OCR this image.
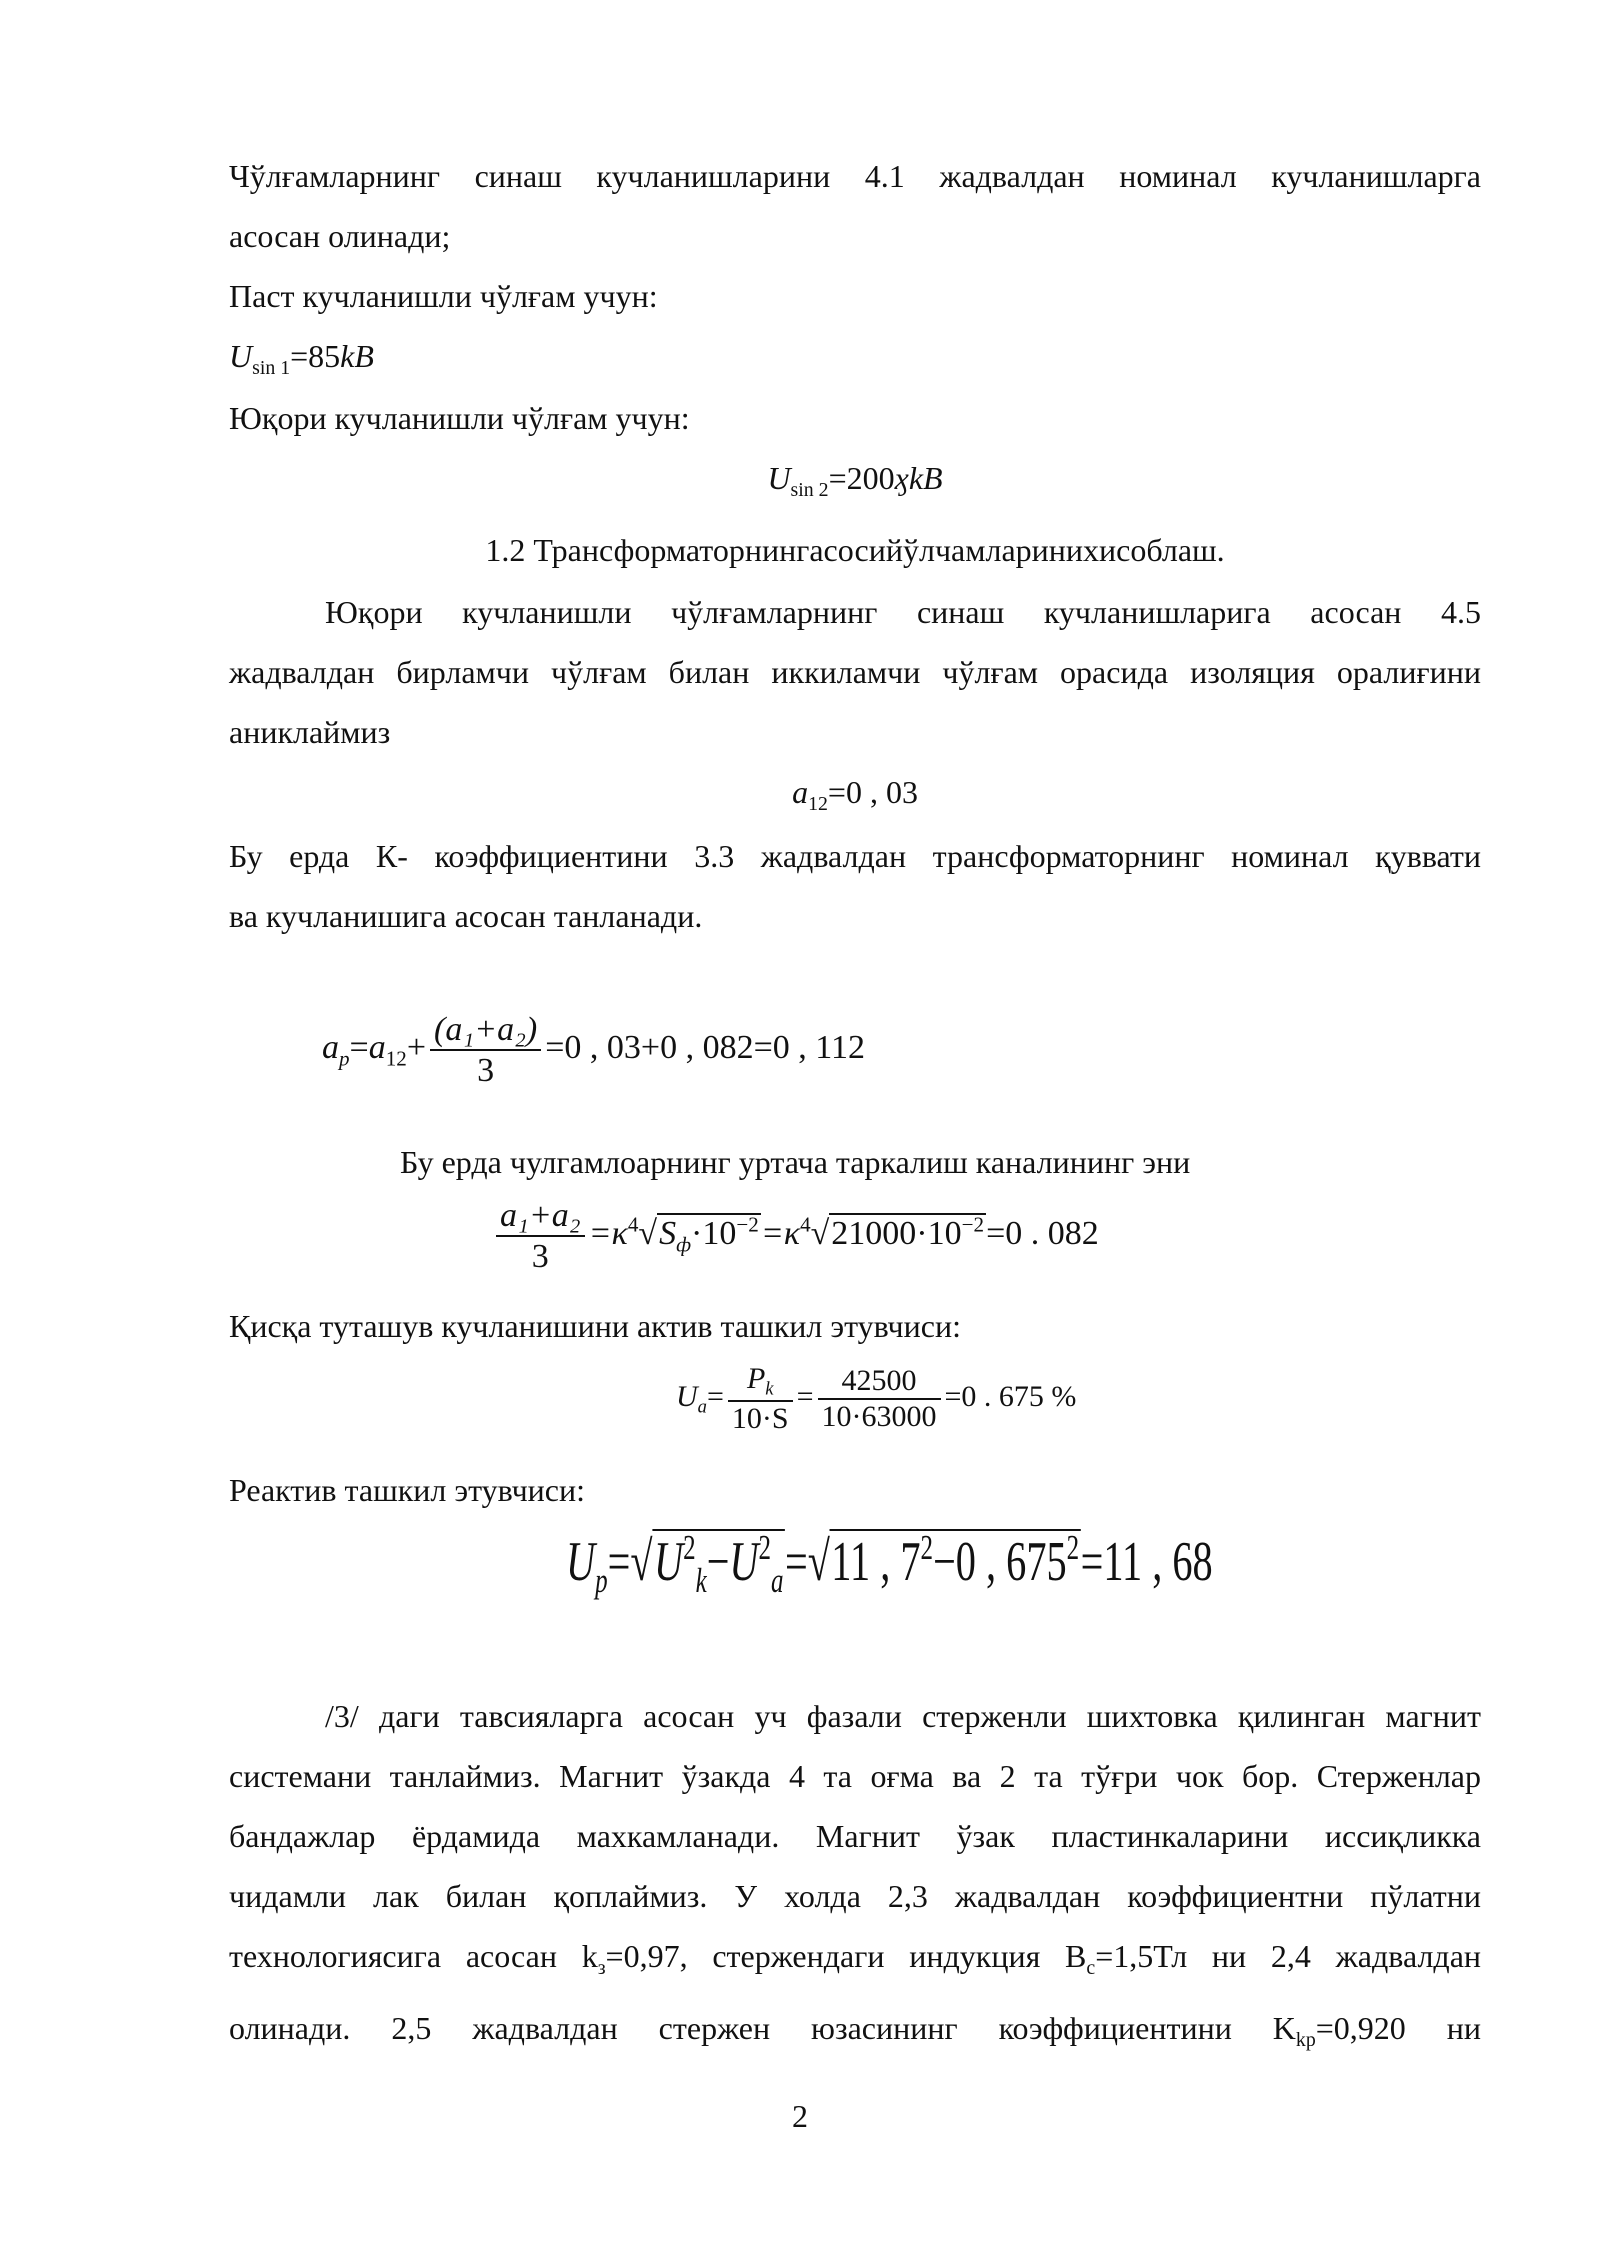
Чўлғамларнинг синаш кучланишларини 4.1 жадвалдан номинал кучланишларга
асосан олинади;
Паст кучланишли чўлғам учун:
$U_{sin 1}=85kB$
Юқори кучланишли чўлғам учун:
$U_{sin 2}=200ӽkB$
1.2 Трансформаторнингасосийўлчамларинихисоблаш.
Юқори кучланишли чўлғамларнинг синаш кучланишларига асосан 4.5
жадвалдан бирламчи чўлғам билан иккиламчи чўлғам орасида изоляция оралиғини
аниклаймиз
$a_{12}=0$ , 03
Бу ерда К- коэффициентини 3.3 жадвалдан трансформаторнинг номинал қуввати
ва кучланишига асосан танланади.
$a_p=a_{12}+ \frac{\text{(a₁+a₂)}}{3} =0$ , 03+0 , 082=0 , 112
Бу ерда чулгамлоарнинг уртача таркалиш каналининг эни
$\frac{\text{a₁+a₂}}{3} =\kappa^4√S_ф\cdot 10^{-2}=\kappa^4√21000\cdot 10^{-2}=0$ . 082
Қисқа туташув кучланишини актив ташкил этувчиси:
$U_a= \frac{P_k}{10\cdot S} = \frac{42500}{10\cdot 63000} =0$ . 675 %
Реактив ташкил этувчиси:
$U_p=√U^2_k-U^2_a=√11$ , $7^2-0$ , $675^2=11$ , 68
/3/ даги тавсияларга асосан уч фазали стерженли шихтовка қилинган магнит
системани танлаймиз. Магнит ўзакда 4 та оғма ва 2 та тўғри чок бор. Стерженлар
бандажлар ёрдамида махкамланади. Магнит ўзак пластинкаларини иссиқликка
чидамли лак билан қоплаймиз. У холда 2,3 жадвалдан коэффициентни пўлатни
технологиясига асосан $k_з=0,97$, стержендаги индукция $B_c=1,5Тл$ ни 2,4 жадвалдан
олинади. 2,5 жадвалдан стержен юзасининг коэффициентини $K_{kp}=0,920$ ни
2
